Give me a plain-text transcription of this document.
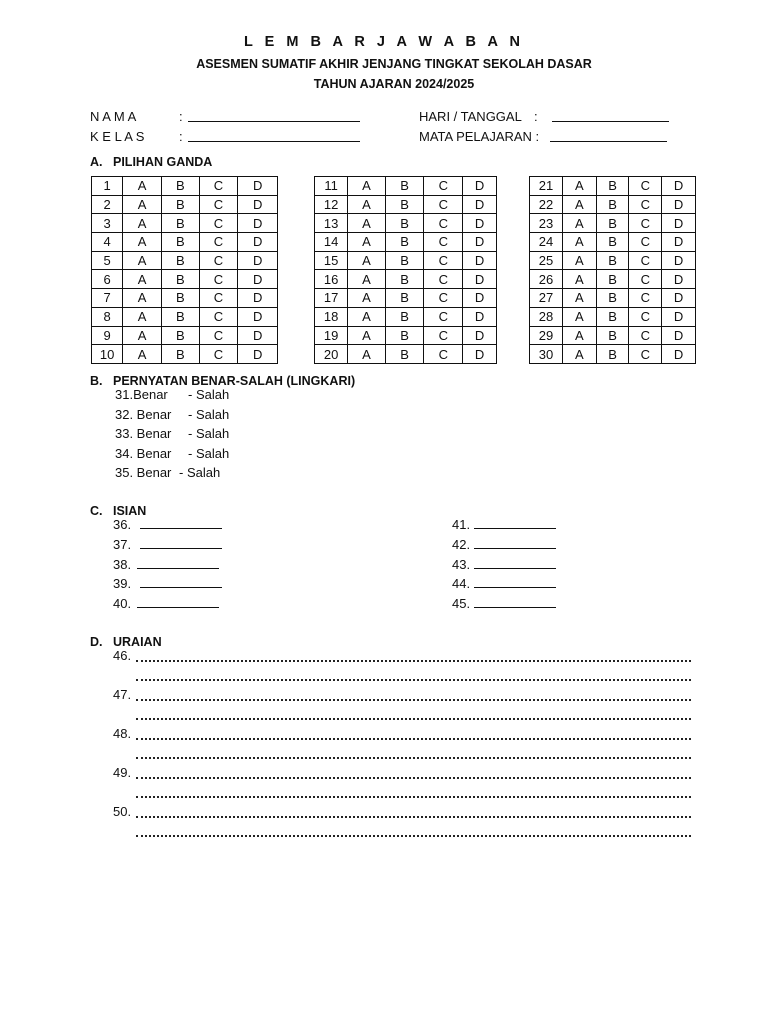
L E M B A R J A W A B A N
ASESMEN SUMATIF AKHIR JENJANG TINGKAT SEKOLAH DASAR
TAHUN AJARAN 2024/2025
N A M A	:
K E L A S	:
HARI / TANGGAL :
MATA PELAJARAN :
A. PILIHAN GANDA
1	A	B	C	D
2	A	B	C	D
3	A	B	C	D
4	A	B	C	D
5	A	B	C	D
6	A	B	C	D
7	A	B	C	D
8	A	B	C	D
9	A	B	C	D
10	A	B	C	D
11	A	B	C	D
12	A	B	C	D
13	A	B	C	D
14	A	B	C	D
15	A	B	C	D
16	A	B	C	D
17	A	B	C	D
18	A	B	C	D
19	A	B	C	D
20	A	B	C	D
21	A	B	C	D
22	A	B	C	D
23	A	B	C	D
24	A	B	C	D
25	A	B	C	D
26	A	B	C	D
27	A	B	C	D
28	A	B	C	D
29	A	B	C	D
30	A	B	C	D
B. PERNYATAN BENAR-SALAH (LINGKARI)
31.Benar - Salah
32. Benar - Salah
33. Benar - Salah
34. Benar - Salah
35. Benar - Salah
C. ISIAN
36.
37.
38.
39.
40.
41.
42.
43.
44.
45.
D. URAIAN
46.
47.
48.
49.
50.
